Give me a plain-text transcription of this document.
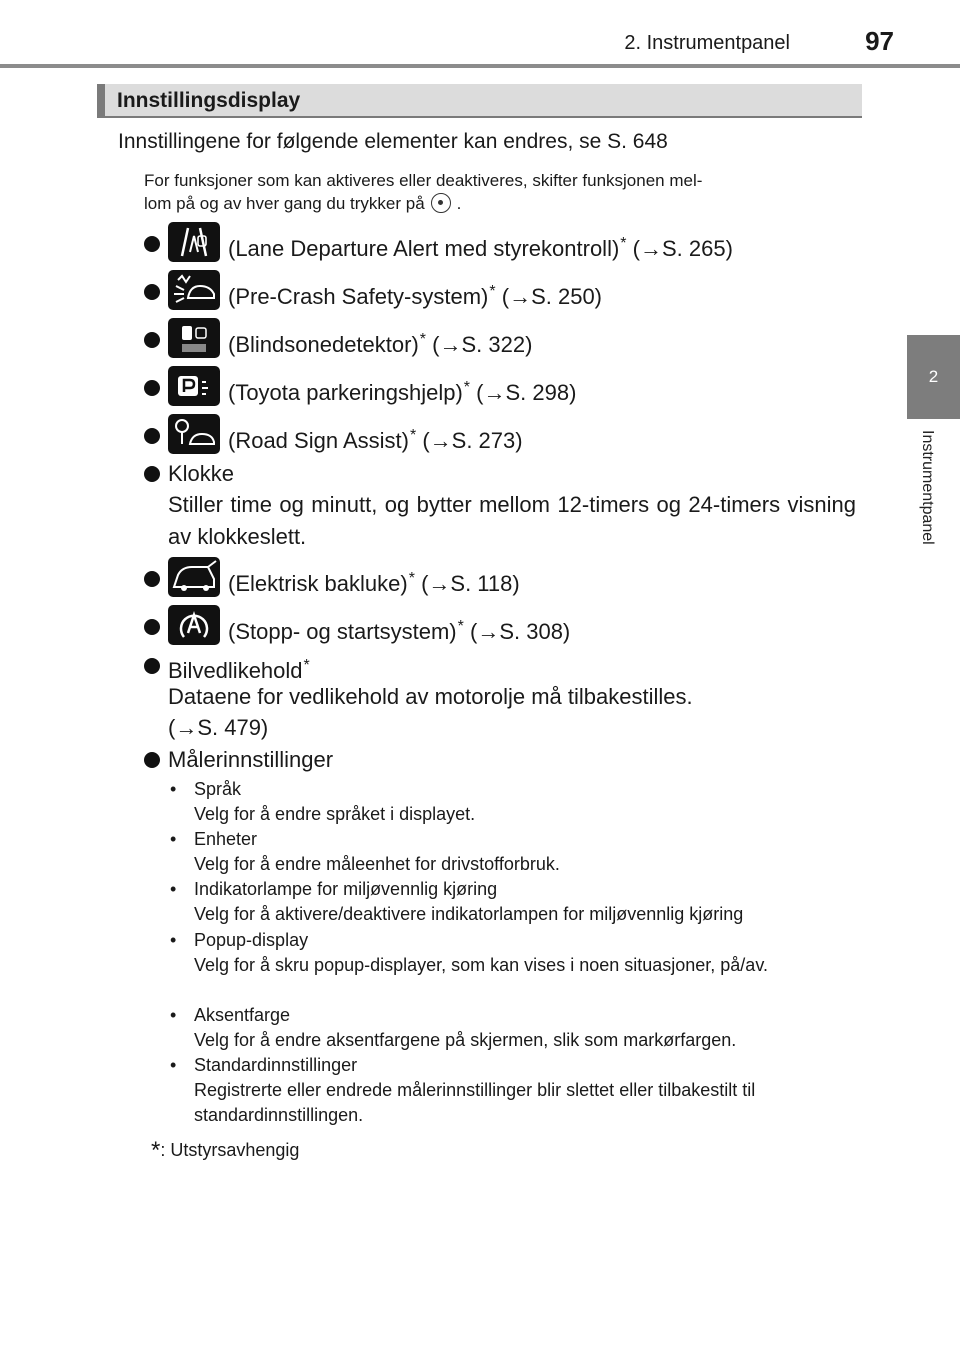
2. Instrumentpanel	97
2
Instrumentpanel
Innstillingsdisplay
Innstillingene for følgende elementer kan endres, se S. 648
For funksjoner som kan aktiveres eller deaktiveres, skifter funksjonen mel-
lom på og av hver gang du trykker på .
(Lane Departure Alert med styrekontroll)* (→S. 265)
(Pre-Crash Safety-system)* (→S. 250)
(Blindsonedetektor)* (→S. 322)
(Toyota parkeringshjelp)* (→S. 298)
(Road Sign Assist)* (→S. 273)
Klokke
Stiller time og minutt, og bytter mellom 12-timers og 24-timers visning av klokkeslett.
(Elektrisk bakluke)* (→S. 118)
(Stopp- og startsystem)* (→S. 308)
Bilvedlikehold*
Dataene for vedlikehold av motorolje må tilbakestilles.
(→S. 479)
Målerinnstillinger
• Språk
Velg for å endre språket i displayet.
• Enheter
Velg for å endre måleenhet for drivstofforbruk.
• Indikatorlampe for miljøvennlig kjøring
Velg for å aktivere/deaktivere indikatorlampen for miljøvennlig kjøring
• Popup-display
Velg for å skru popup-displayer, som kan vises i noen situasjoner, på/av.
• Aksentfarge
Velg for å endre aksentfargene på skjermen, slik som markørfargen.
• Standardinnstillinger
Registrerte eller endrede målerinnstillinger blir slettet eller tilbakestilt til standardinnstillingen.
*: Utstyrsavhengig
